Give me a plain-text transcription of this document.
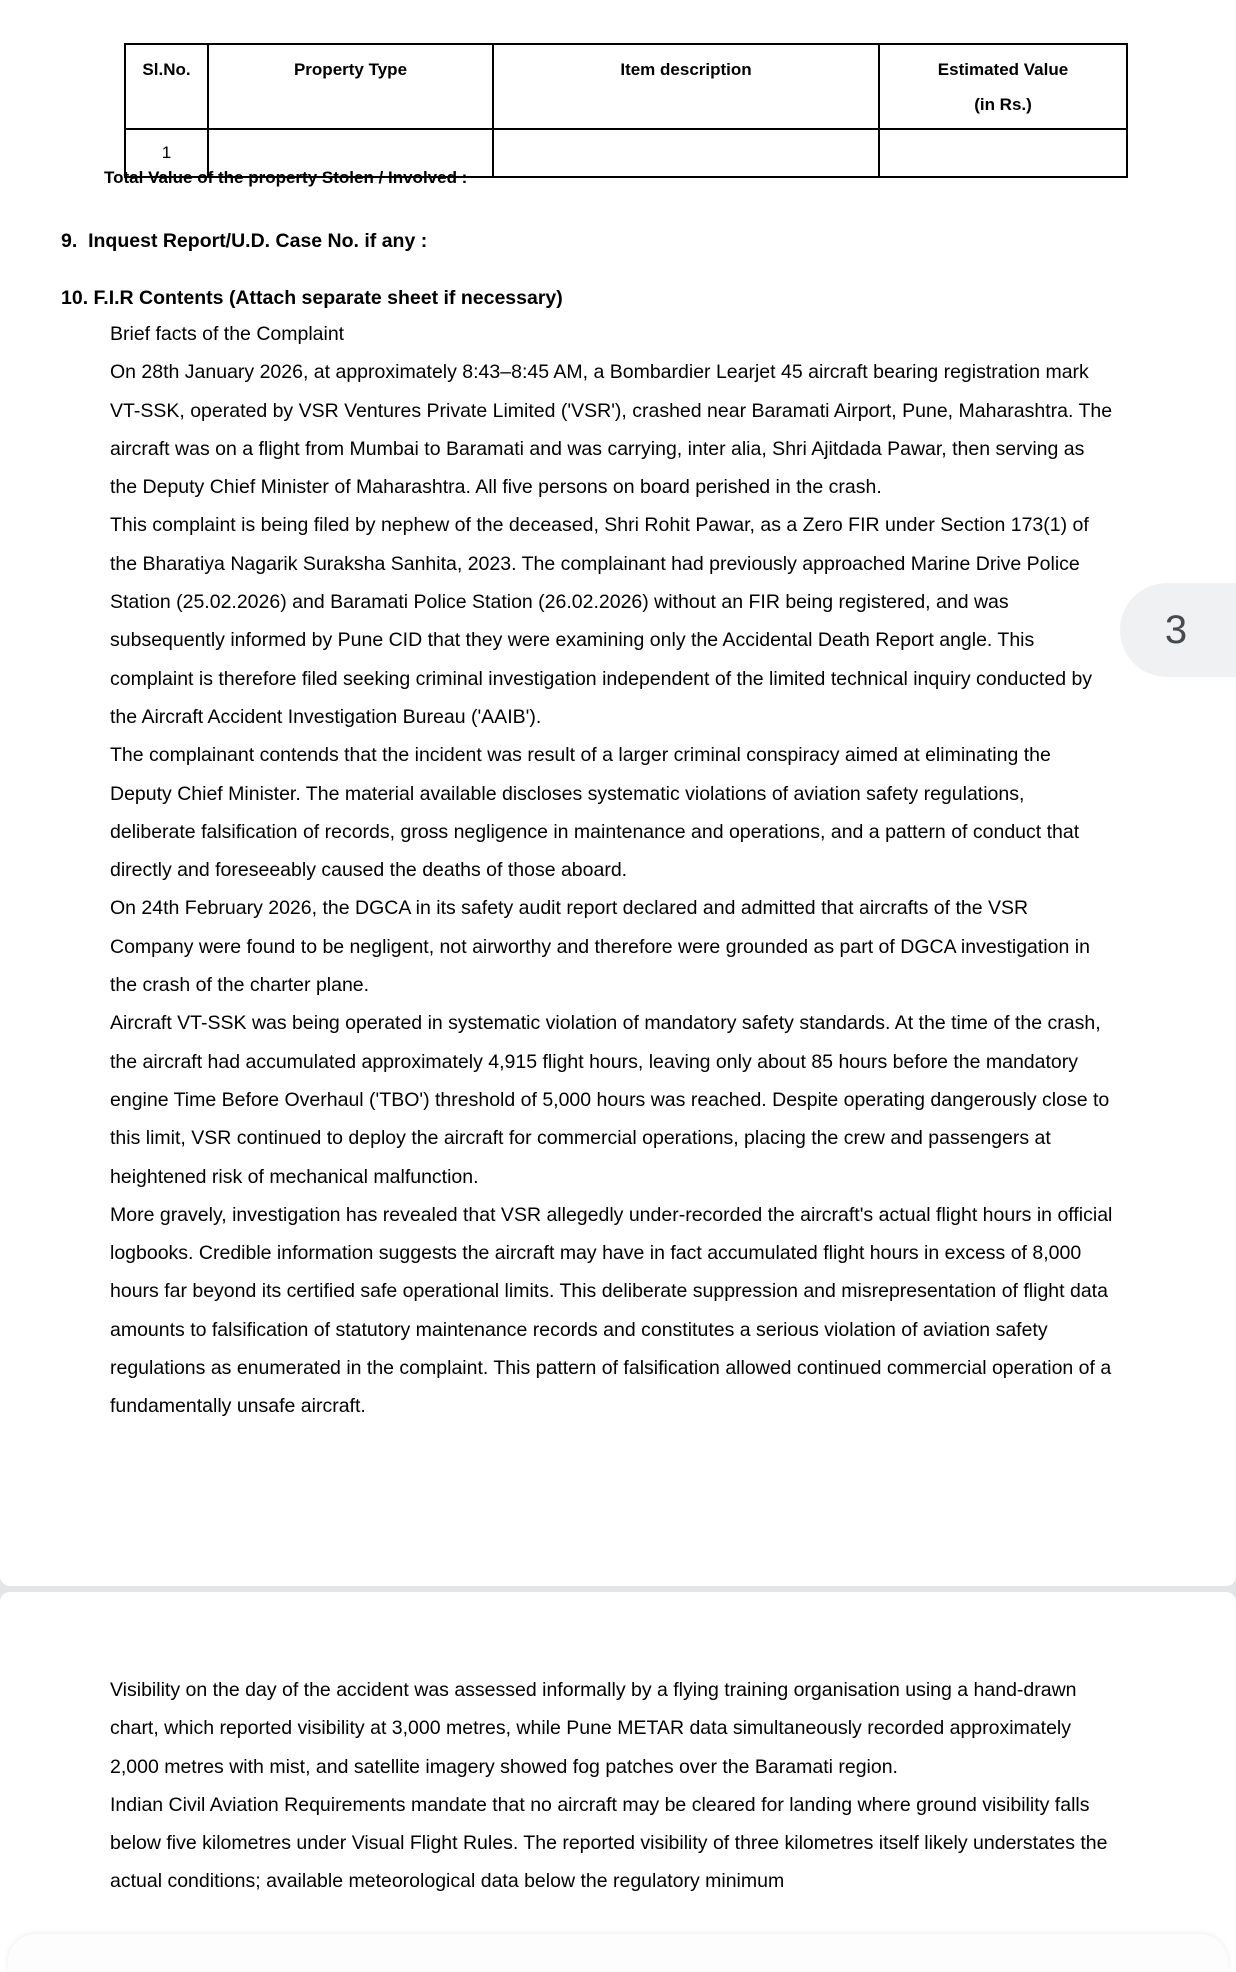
Sl.No.	Property Type	Item description	Estimated Value
(in Rs.)
1			
Total Value of the property Stolen / Involved :
9.  Inquest Report/U.D. Case No. if any :
10. F.I.R Contents (Attach separate sheet if necessary)

Brief facts of the Complaint

On 28th January 2026, at approximately 8:43–8:45 AM, a Bombardier Learjet 45 aircraft bearing registration mark VT-SSK, operated by VSR Ventures Private Limited ('VSR'), crashed near Baramati Airport, Pune, Maharashtra. The aircraft was on a flight from Mumbai to Baramati and was carrying, inter alia, Shri Ajitdada Pawar, then serving as the Deputy Chief Minister of Maharashtra. All five persons on board perished in the crash.

This complaint is being filed by nephew of the deceased, Shri Rohit Pawar, as a Zero FIR under Section 173(1) of the Bharatiya Nagarik Suraksha Sanhita, 2023. The complainant had previously approached Marine Drive Police Station (25.02.2026) and Baramati Police Station (26.02.2026) without an FIR being registered, and was subsequently informed by Pune CID that they were examining only the Accidental Death Report angle. This complaint is therefore filed seeking criminal investigation independent of the limited technical inquiry conducted by the Aircraft Accident Investigation Bureau ('AAIB').

The complainant contends that the incident was result of a larger criminal conspiracy aimed at eliminating the Deputy Chief Minister. The material available discloses systematic violations of aviation safety regulations, deliberate falsification of records, gross negligence in maintenance and operations, and a pattern of conduct that directly and foreseeably caused the deaths of those aboard.

On 24th February 2026, the DGCA in its safety audit report declared and admitted that aircrafts of the VSR Company were found to be negligent, not airworthy and therefore were grounded as part of DGCA investigation in the crash of the charter plane.

Aircraft VT-SSK was being operated in systematic violation of mandatory safety standards. At the time of the crash, the aircraft had accumulated approximately 4,915 flight hours, leaving only about 85 hours before the mandatory engine Time Before Overhaul ('TBO') threshold of 5,000 hours was reached. Despite operating dangerously close to this limit, VSR continued to deploy the aircraft for commercial operations, placing the crew and passengers at heightened risk of mechanical malfunction.

More gravely, investigation has revealed that VSR allegedly under-recorded the aircraft's actual flight hours in official logbooks. Credible information suggests the aircraft may have in fact accumulated flight hours in excess of 8,000 hours far beyond its certified safe operational limits. This deliberate suppression and misrepresentation of flight data amounts to falsification of statutory maintenance records and constitutes a serious violation of aviation safety regulations as enumerated in the complaint. This pattern of falsification allowed continued commercial operation of a fundamentally unsafe aircraft.

Visibility on the day of the accident was assessed informally by a flying training organisation using a hand-drawn chart, which reported visibility at 3,000 metres, while Pune METAR data simultaneously recorded approximately 2,000 metres with mist, and satellite imagery showed fog patches over the Baramati region.

Indian Civil Aviation Requirements mandate that no aircraft may be cleared for landing where ground visibility falls below five kilometres under Visual Flight Rules. The reported visibility of three kilometres itself likely understates the actual conditions; available meteorological data below the regulatory minimum

3
